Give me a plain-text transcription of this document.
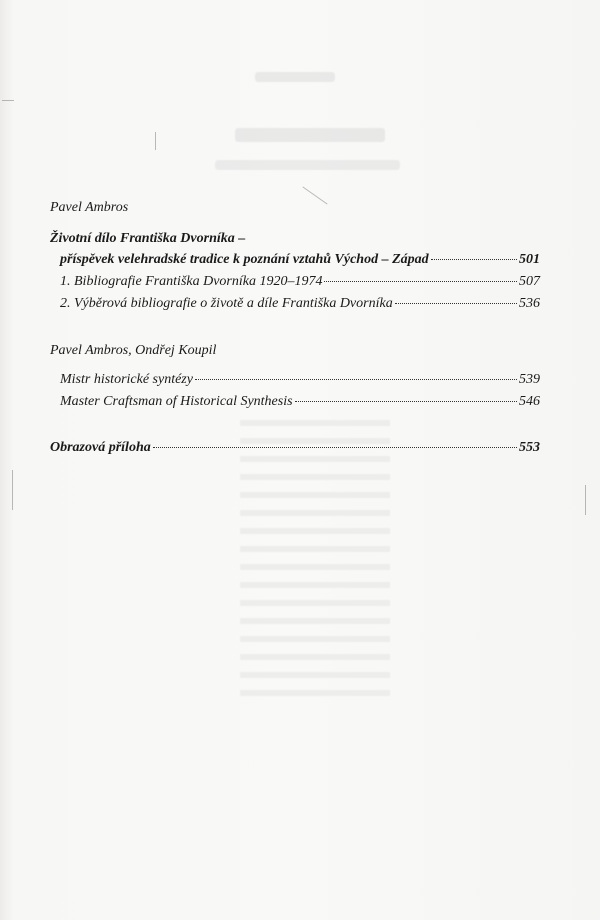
Pavel Ambros
Životní dílo Františka Dvorníka –
příspěvek velehradské tradice k poznání vztahů Východ – Západ	501
1. Bibliografie Františka Dvorníka 1920–1974	507
2. Výběrová bibliografie o životě a díle Františka Dvorníka	536
Pavel Ambros, Ondřej Koupil
Mistr historické syntézy	539
Master Craftsman of Historical Synthesis	546
Obrazová příloha	553
